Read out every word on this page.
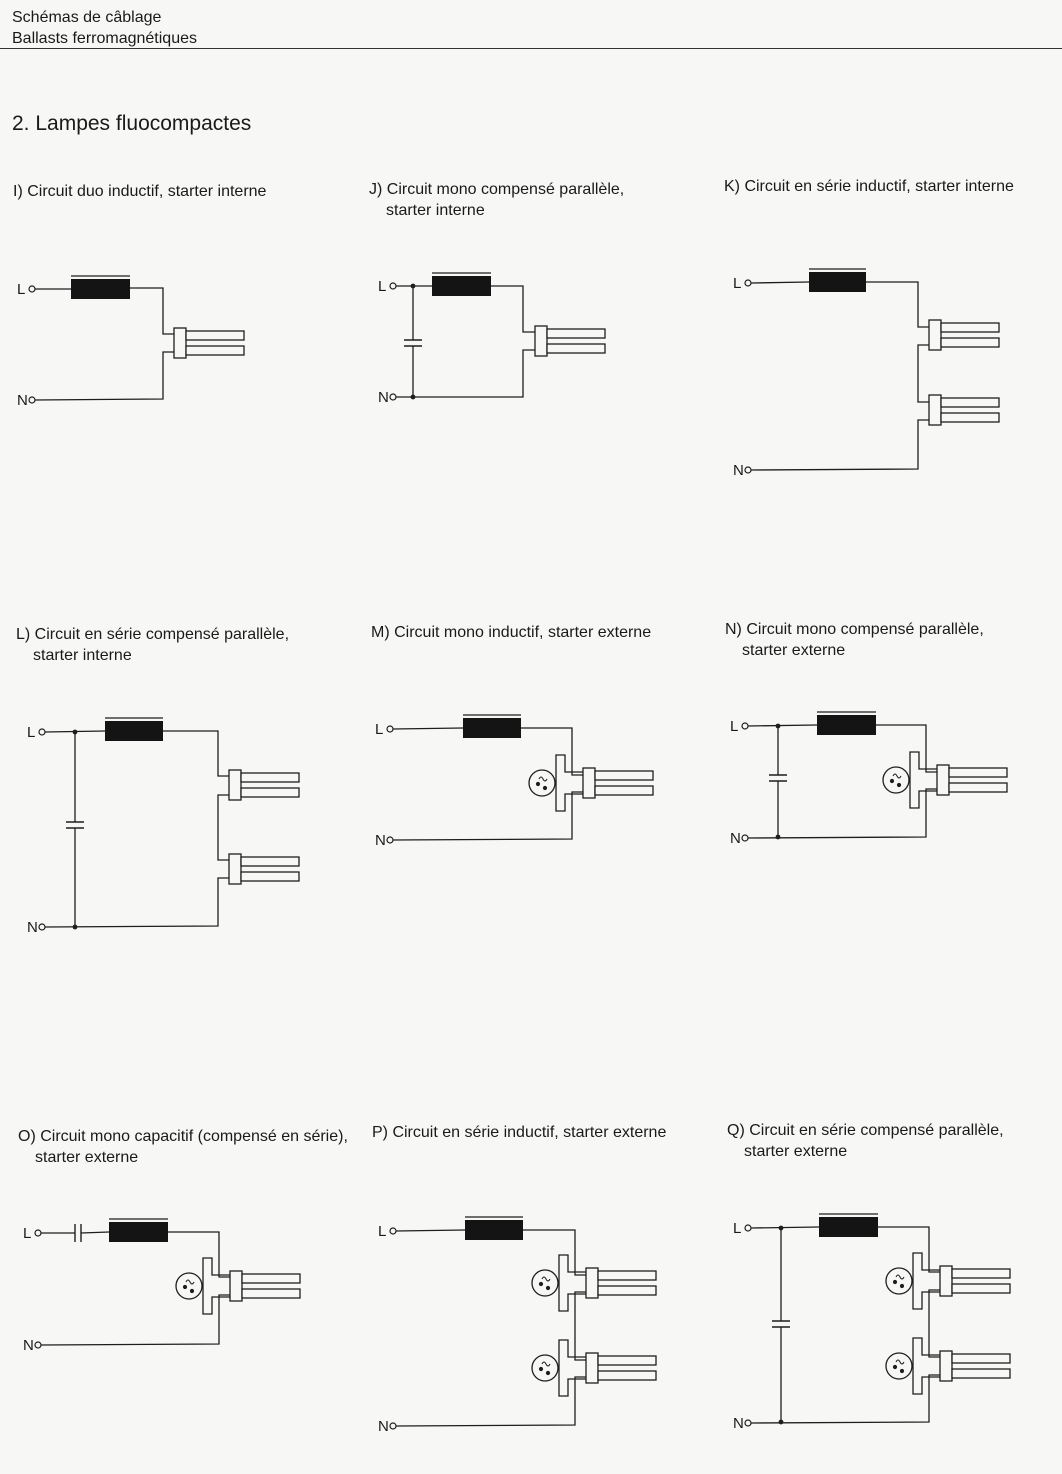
Schémas de câblage
Ballasts ferromagnétiques
2. Lampes fluocompactes
I) Circuit duo inductif, starter interne	J) Circuit mono compensé parallèle,
starter interne
K) Circuit en série inductif, starter interne
L) Circuit en série compensé parallèle,
starter interne
M) Circuit mono inductif, starter externe	N) Circuit mono compensé parallèle,
starter externe
O) Circuit mono capacitif (compensé en série),
starter externe
P) Circuit en série inductif, starter externe	Q) Circuit en série compensé parallèle,
starter externe
L
N
L
N
L
N
L
N
L
N
L
N
L
N
L
N
L
N
